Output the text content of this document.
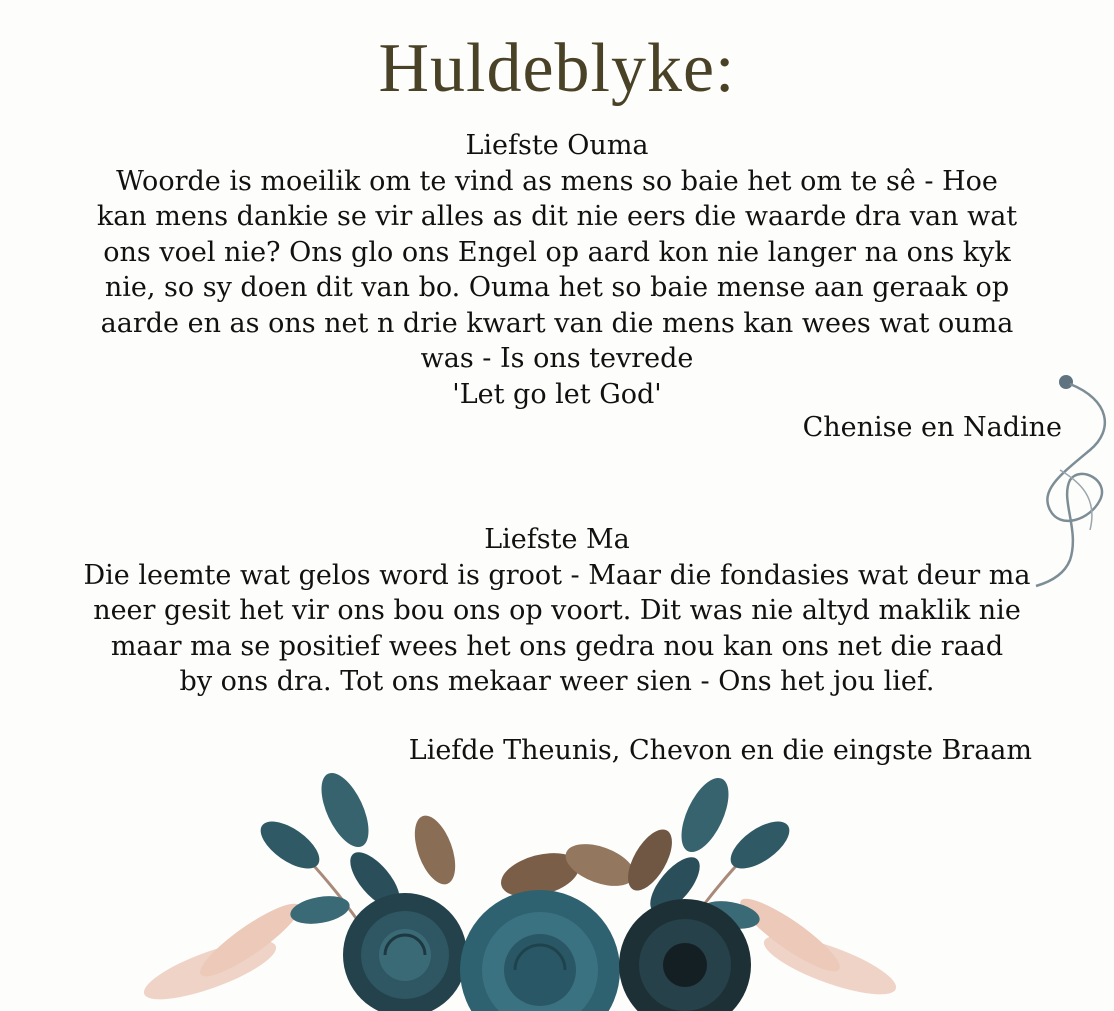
Huldeblyke:
Liefste Ouma
Woorde is moeilik om te vind as mens so baie het om te sê - Hoe
kan mens dankie se vir alles as dit nie eers die waarde dra van wat
ons voel nie? Ons glo ons Engel op aard kon nie langer na ons kyk
nie, so sy doen dit van bo. Ouma het so baie mense aan geraak op
aarde en as ons net n drie kwart van die mens kan wees wat ouma
was - Is ons tevrede
'Let go let God'
Chenise en Nadine
Liefste Ma
Die leemte wat gelos word is groot - Maar die fondasies wat deur ma
neer gesit het vir ons bou ons op voort. Dit was nie altyd maklik nie
maar ma se positief wees het ons gedra nou kan ons net die raad
by ons dra. Tot ons mekaar weer sien - Ons het jou lief.
Liefde Theunis, Chevon en die eingste Braam
